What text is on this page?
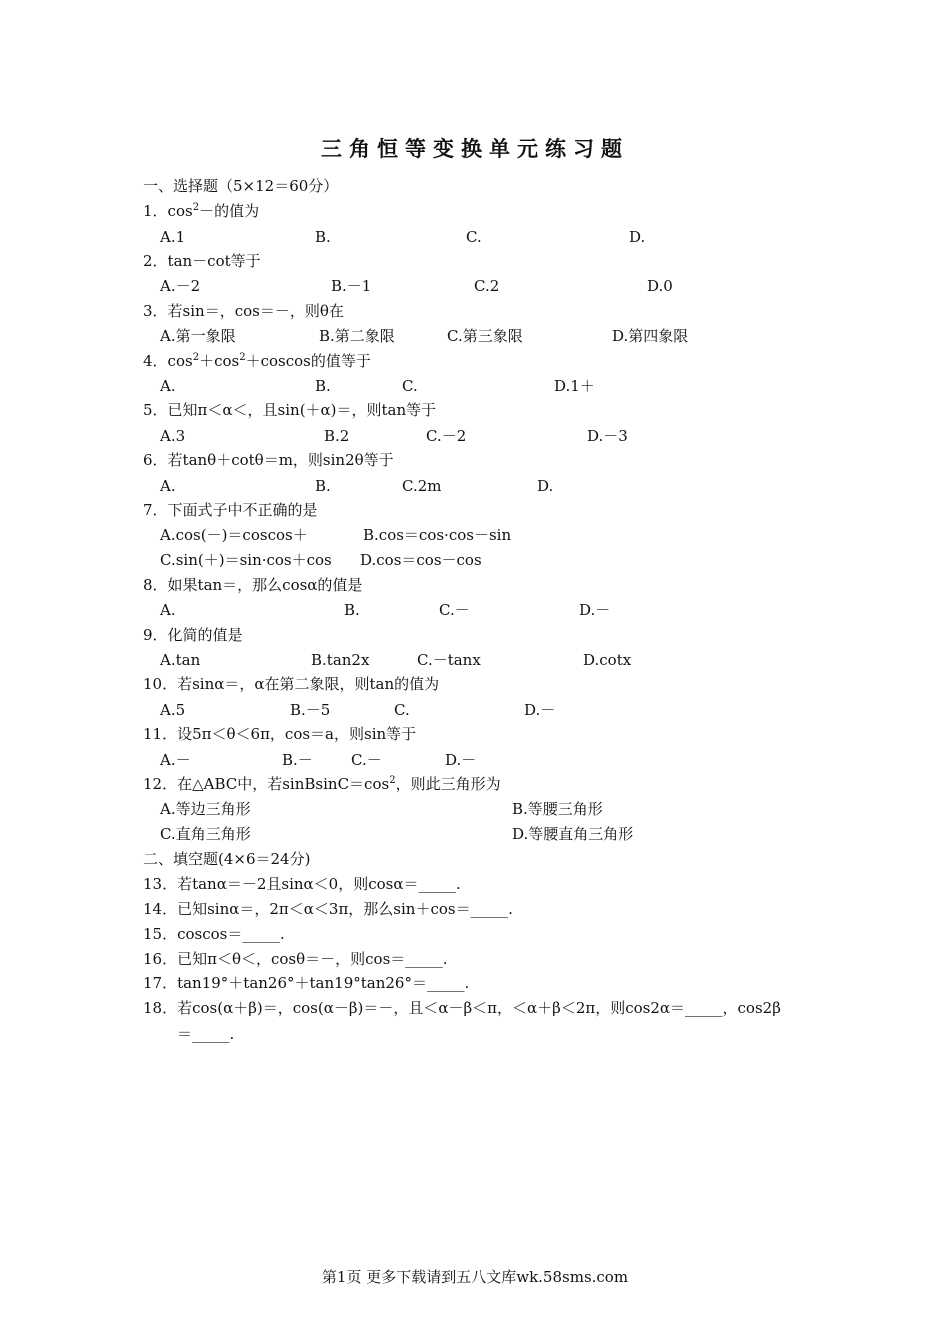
三角恒等变换单元练习题
一、选择题（5×12＝60分）
1．$\cos^2-$的值为
A.1	B.	C.	D.
2．tan－cot等于
A.－2	B.－1	C.2	D.0
3．若sin＝，cos＝－，则θ在
A.第一象限	B.第二象限	C.第三象限	D.第四象限
4．$\cos^2+\cos^2+coscos$的值等于
A.	B.	C.	D.1＋
5．已知π＜α＜，且sin(＋α)＝，则tan等于
A.3	B.2	C.－2	D.－3
6．若tanθ＋cotθ＝m，则sin2θ等于
A.	B.	C.2m	D.
7．下面式子中不正确的是
A.cos(－)＝coscos＋	B.cos＝cos·cos－sin
C.sin(＋)＝sin·cos＋cos D.cos＝cos－cos
8．如果tan＝，那么cosα的值是
A.	B.	C.－	D.－
9．化简的值是
A.tan	B.tan2x	C.－tanx	D.cotx
10．若sinα＝，α在第二象限，则tan的值为
A.5	B.－5	C.	D.－
11．设5π＜θ＜6π，cos＝a，则sin等于
A.－	B.－	C.－	D.－
12．在△ABC中，若$sinBsinC=\cos^2$，则此三角形为
A.等边三角形	B.等腰三角形
C.直角三角形	D.等腰直角三角形
二、填空题(4×6＝24分)
13．若tanα＝－2且sinα＜0，则cosα＝_____.
14．已知sinα＝，2π＜α＜3π，那么sin＋cos＝_____.
15．coscos＝_____.
16．已知π＜θ＜，cosθ＝－，则cos＝_____.
17．tan19°＋tan26°＋tan19°tan26°＝_____.
18．若cos(α＋β)＝，cos(α－β)＝－，且＜α－β＜π，＜α＋β＜2π，则cos2α＝_____，cos2β
＝_____.
第1页 更多下载请到五八文库wk.58sms.com
